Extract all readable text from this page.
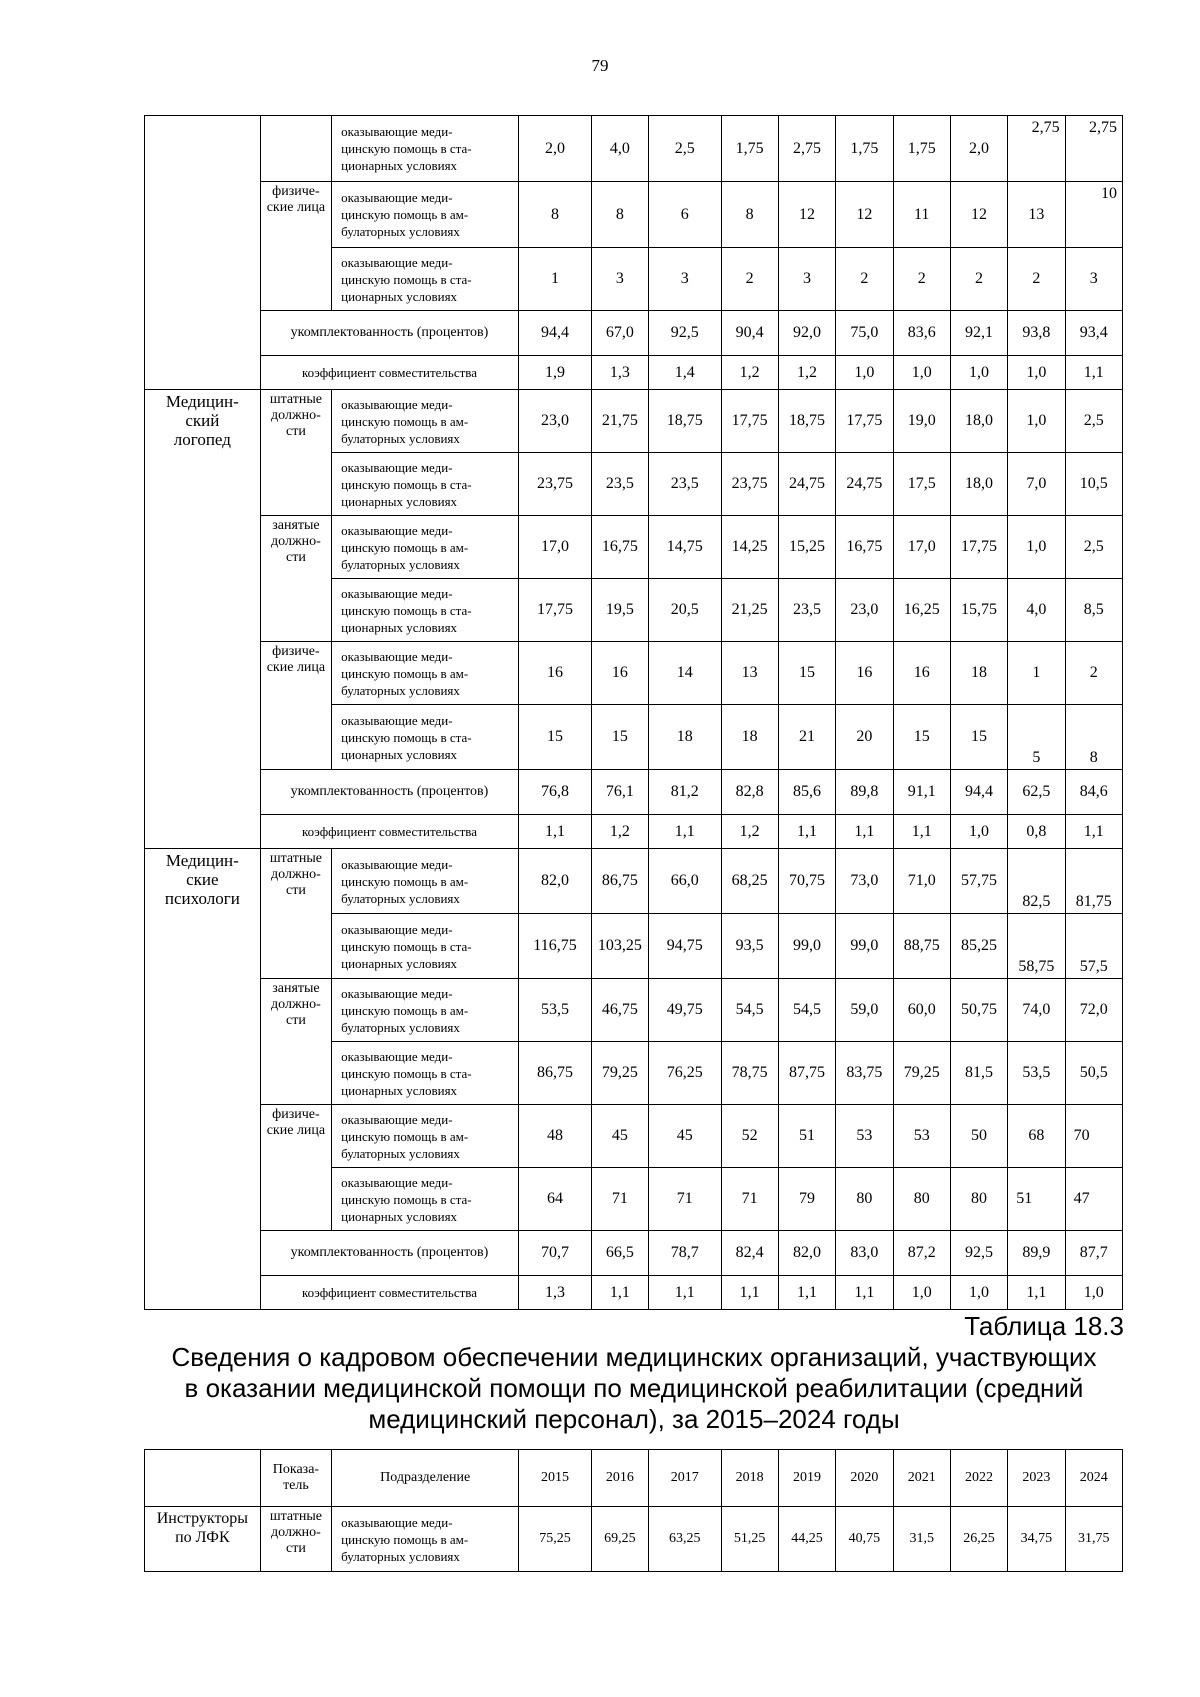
79
		оказывающие меди-
цинскую помощь в ста-
ционарных условиях	2,0	4,0	2,5	1,75	2,75	1,75	1,75	2,0	2,75	2,75
	физиче-
ские лица	оказывающие меди-
цинскую помощь в ам-
булаторных условиях	8	8	6	8	12	12	11	12	13	10
		оказывающие меди-
цинскую помощь в ста-
ционарных условиях	1	3	3	2	3	2	2	2	2	3
	укомплектованность (процентов)		94,4	67,0	92,5	90,4	92,0	75,0	83,6	92,1	93,8	93,4
	коэффициент совместительства		1,9	1,3	1,4	1,2	1,2	1,0	1,0	1,0	1,0	1,1
Медицин-
ский
логопед	штатные
должно-
сти	оказывающие меди-
цинскую помощь в ам-
булаторных условиях	23,0	21,75	18,75	17,75	18,75	17,75	19,0	18,0	1,0	2,5
		оказывающие меди-
цинскую помощь в ста-
ционарных условиях	23,75	23,5	23,5	23,75	24,75	24,75	17,5	18,0	7,0	10,5
	занятые
должно-
сти	оказывающие меди-
цинскую помощь в ам-
булаторных условиях	17,0	16,75	14,75	14,25	15,25	16,75	17,0	17,75	1,0	2,5
		оказывающие меди-
цинскую помощь в ста-
ционарных условиях	17,75	19,5	20,5	21,25	23,5	23,0	16,25	15,75	4,0	8,5
	физиче-
ские лица	оказывающие меди-
цинскую помощь в ам-
булаторных условиях	16	16	14	13	15	16	16	18	1	2
		оказывающие меди-
цинскую помощь в ста-
ционарных условиях	15	15	18	18	21	20	15	15	5	8
	укомплектованность (процентов)		76,8	76,1	81,2	82,8	85,6	89,8	91,1	94,4	62,5	84,6
	коэффициент совместительства		1,1	1,2	1,1	1,2	1,1	1,1	1,1	1,0	0,8	1,1
Медицин-
ские
психологи	штатные
должно-
сти	оказывающие меди-
цинскую помощь в ам-
булаторных условиях	82,0	86,75	66,0	68,25	70,75	73,0	71,0	57,75	82,5	81,75
		оказывающие меди-
цинскую помощь в ста-
ционарных условиях	116,75	103,25	94,75	93,5	99,0	99,0	88,75	85,25	58,75	57,5
	занятые
должно-
сти	оказывающие меди-
цинскую помощь в ам-
булаторных условиях	53,5	46,75	49,75	54,5	54,5	59,0	60,0	50,75	74,0	72,0
		оказывающие меди-
цинскую помощь в ста-
ционарных условиях	86,75	79,25	76,25	78,75	87,75	83,75	79,25	81,5	53,5	50,5
	физиче-
ские лица	оказывающие меди-
цинскую помощь в ам-
булаторных условиях	48	45	45	52	51	53	53	50	68	70
		оказывающие меди-
цинскую помощь в ста-
ционарных условиях	64	71	71	71	79	80	80	80	51	47
	укомплектованность (процентов)		70,7	66,5	78,7	82,4	82,0	83,0	87,2	92,5	89,9	87,7
	коэффициент совместительства		1,3	1,1	1,1	1,1	1,1	1,1	1,0	1,0	1,1	1,0
Таблица 18.3
Сведения о кадровом обеспечении медицинских организаций, участвующих
в оказании медицинской помощи по медицинской реабилитации (средний
медицинский персонал), за 2015–2024 годы
	Показа-
тель	Подразделение	2015	2016	2017	2018	2019	2020	2021	2022	2023	2024
Инструкторы
по ЛФК	штатные
должно-
сти	оказывающие меди-
цинскую помощь в ам-
булаторных условиях	75,25	69,25	63,25	51,25	44,25	40,75	31,5	26,25	34,75	31,75
